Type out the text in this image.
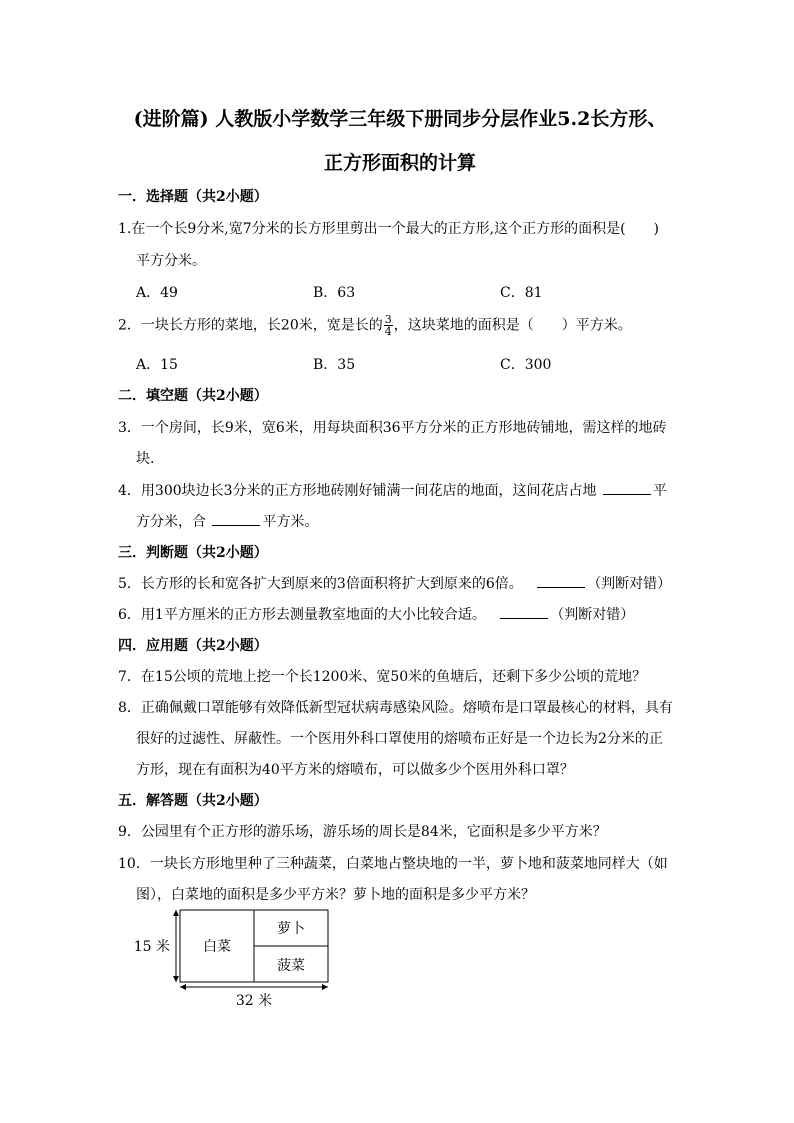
(进阶篇) 人教版小学数学三年级下册同步分层作业5.2长方形、
正方形面积的计算
一．选择题（共2小题）
1.在一个长9分米,宽7分米的长方形里剪出一个最大的正方形,这个正方形的面积是(　　)
平方分米。
A．49	B．63	C．81
2．一块长方形的菜地，长20米，宽是长的 $\frac{3}{4}$ ，这块菜地的面积是（　　）平方米。
A．15	B．35	C．300
二．填空题（共2小题）
3．一个房间，长9米，宽6米，用每块面积36平方分米的正方形地砖铺地，需这样的地砖
块.
4．用300块边长3分米的正方形地砖刚好铺满一间花店的地面，这间花店占地	平
方分米，合	平方米。
三．判断题（共2小题）
5．长方形的长和宽各扩大到原来的3倍面积将扩大到原来的6倍。	（判断对错）
6．用1平方厘米的正方形去测量教室地面的大小比较合适。	（判断对错）
四．应用题（共2小题）
7．在15公顷的荒地上挖一个长1200米、宽50米的鱼塘后，还剩下多少公顷的荒地？
8．正确佩戴口罩能够有效降低新型冠状病毒感染风险。熔喷布是口罩最核心的材料，具有
很好的过滤性、屏蔽性。一个医用外科口罩使用的熔喷布正好是一个边长为2分米的正
方形，现在有面积为40平方米的熔喷布，可以做多少个医用外科口罩？
五．解答题（共2小题）
9．公园里有个正方形的游乐场，游乐场的周长是84米，它面积是多少平方米？
10．一块长方形地里种了三种蔬菜，白菜地占整块地的一半，萝卜地和菠菜地同样大（如
图），白菜地的面积是多少平方米？萝卜地的面积是多少平方米？
白菜
萝卜
菠菜
15 米
32 米
